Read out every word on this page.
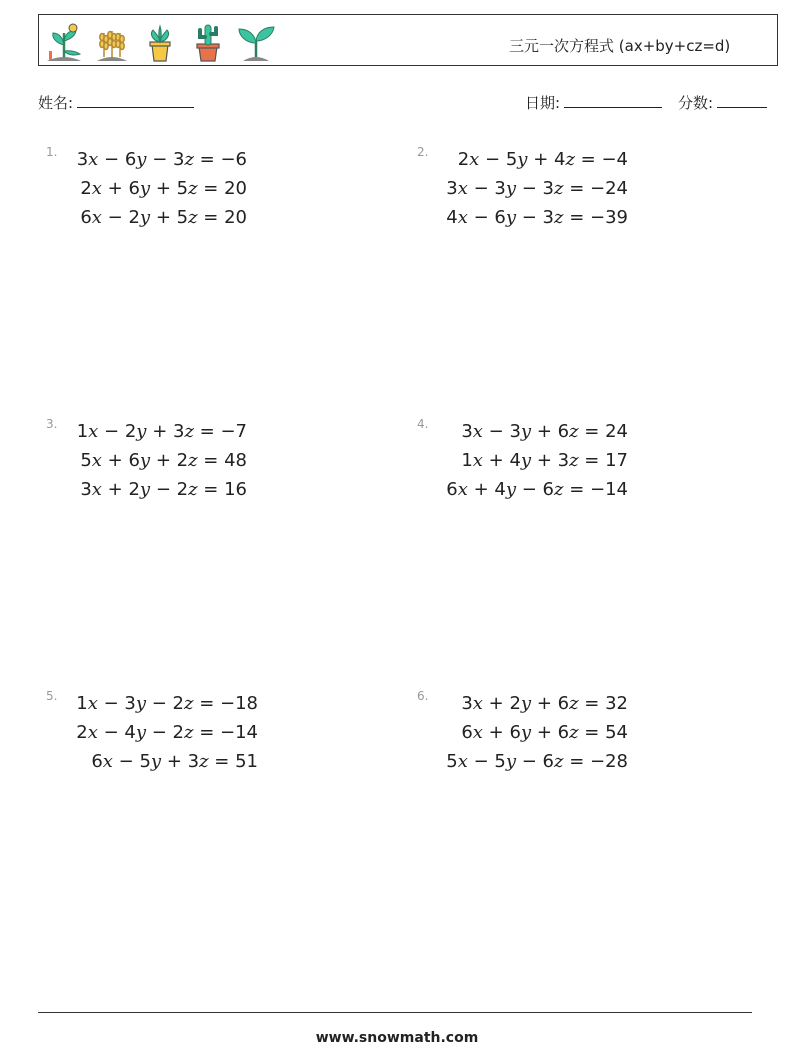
三元一次方程式 (ax+by+cz=d)
姓名:	日期:	分数:
1. 3x − 6y − 3z = −6
2x + 6y + 5z = 20
6x − 2y + 5z = 20
2.	2x − 5y + 4z = −4
3x − 3y − 3z = −24
4x − 6y − 3z = −39
3. 1x − 2y + 3z = −7
5x + 6y + 2z = 48
3x + 2y − 2z = 16
4.	3x − 3y + 6z = 24
1x + 4y + 3z = 17
6x + 4y − 6z = −14
5. 1x − 3y − 2z = −18
2x − 4y − 2z = −14
6x − 5y + 3z = 51
6.	3x + 2y + 6z = 32
6x + 6y + 6z = 54
5x − 5y − 6z = −28
www.snowmath.com
